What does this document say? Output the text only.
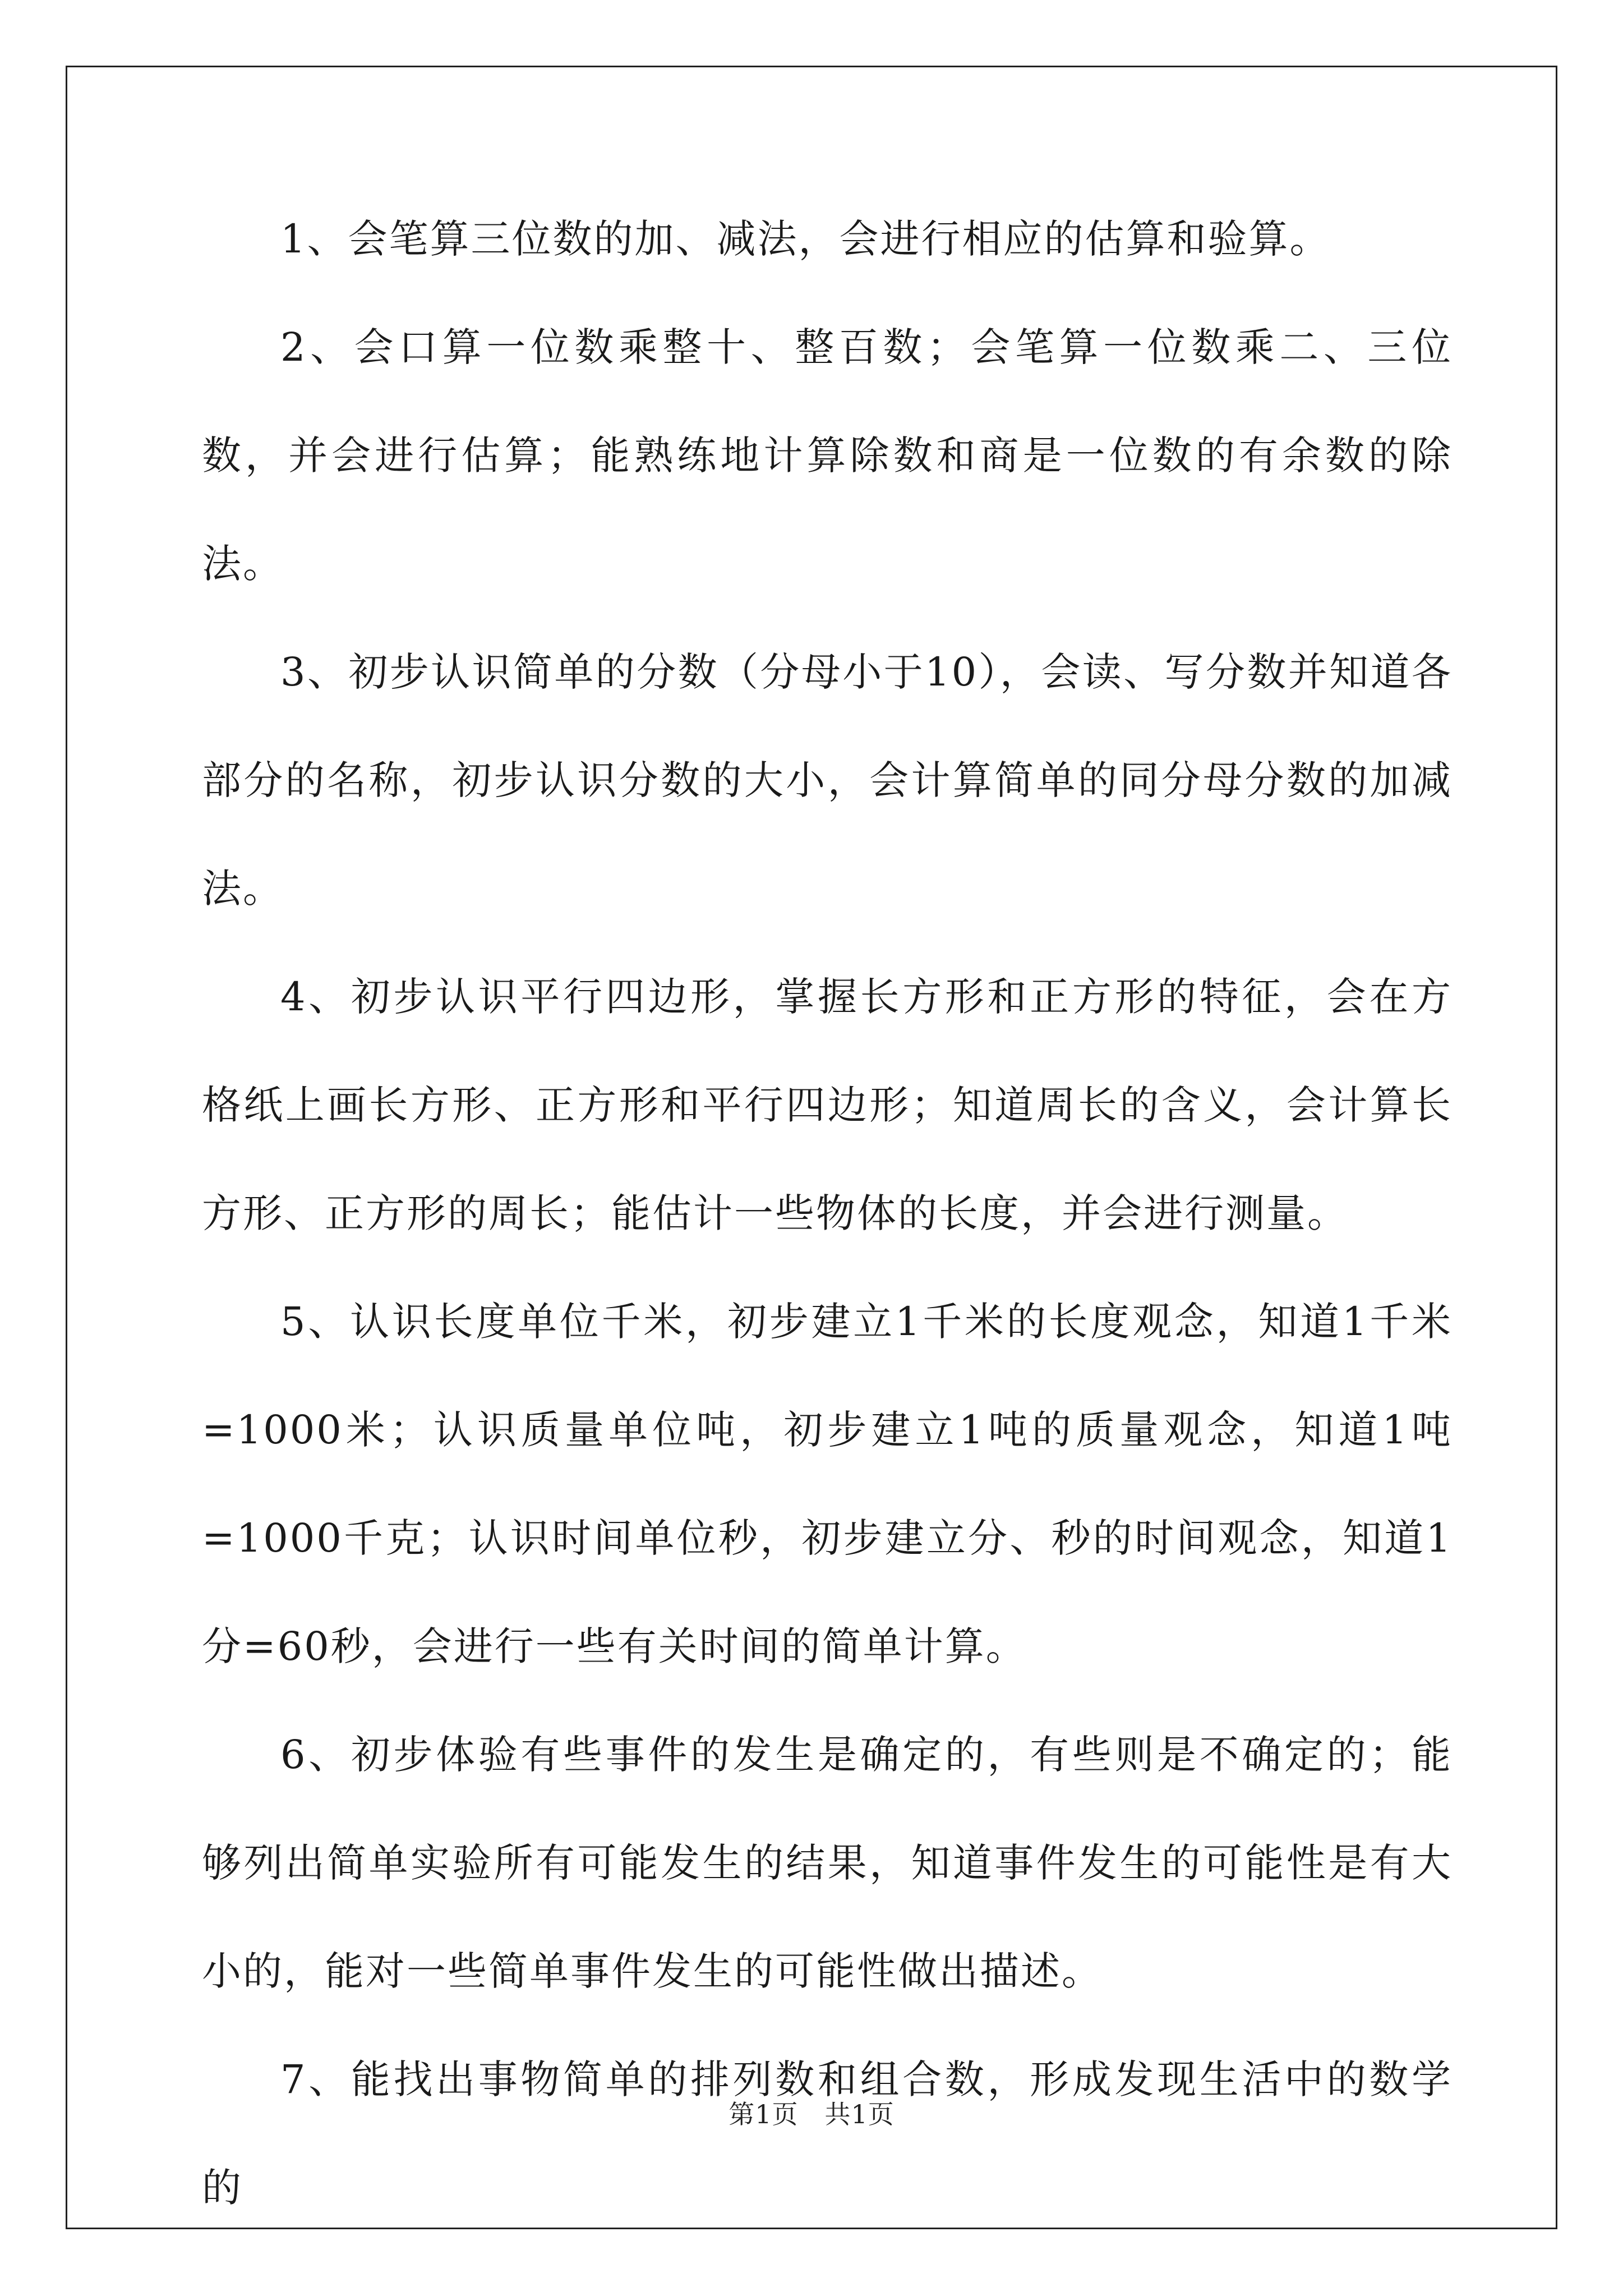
1、会笔算三位数的加、减法，会进行相应的估算和验算。

2、会口算一位数乘整十、整百数；会笔算一位数乘二、三位数，并会进行估算；能熟练地计算除数和商是一位数的有余数的除法。

3、初步认识简单的分数（分母小于10），会读、写分数并知道各部分的名称，初步认识分数的大小，会计算简单的同分母分数的加减法。

4、初步认识平行四边形，掌握长方形和正方形的特征，会在方格纸上画长方形、正方形和平行四边形；知道周长的含义，会计算长方形、正方形的周长；能估计一些物体的长度，并会进行测量。

5、认识长度单位千米，初步建立1千米的长度观念，知道1千米=1000米；认识质量单位吨，初步建立1吨的质量观念，知道1吨=1000千克；认识时间单位秒，初步建立分、秒的时间观念，知道1分=60秒，会进行一些有关时间的简单计算。

6、初步体验有些事件的发生是确定的，有些则是不确定的；能够列出简单实验所有可能发生的结果，知道事件发生的可能性是有大小的，能对一些简单事件发生的可能性做出描述。

7、能找出事物简单的排列数和组合数，形成发现生活中的数学的

第1页　共1页
